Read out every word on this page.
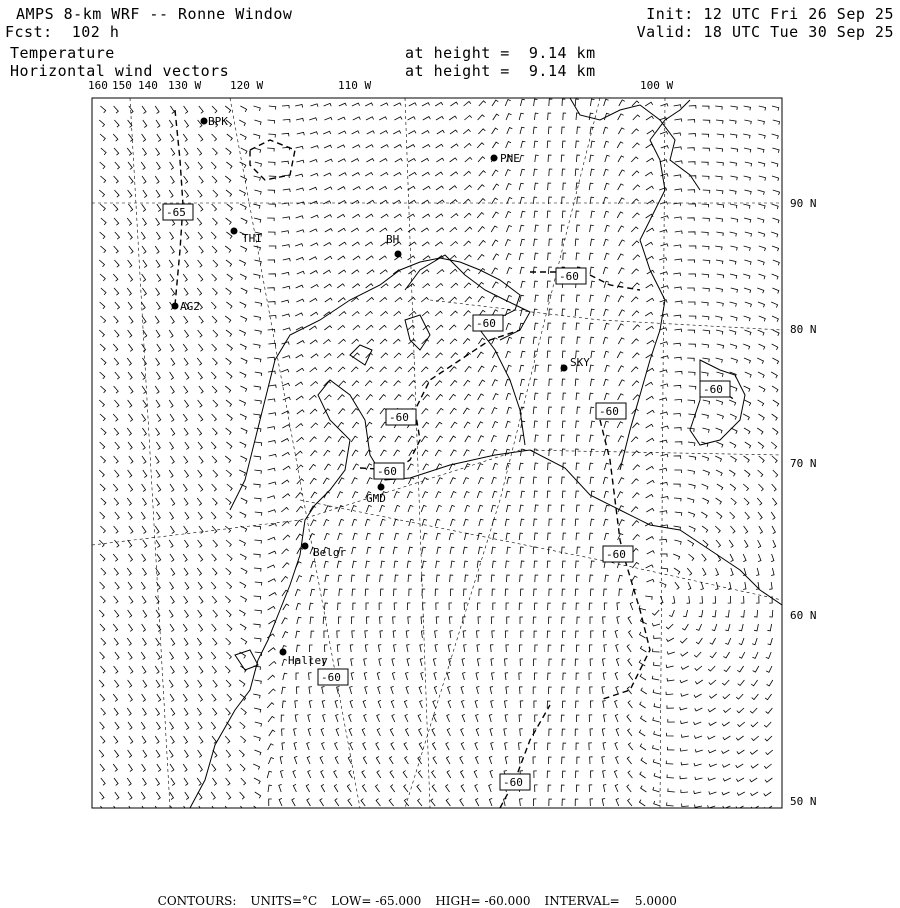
AMPS 8-km WRF -- Ronne Window
Fcst:  102 h
Temperature
Horizontal wind vectors
at height =  9.14 km
at height =  9.14 km
Init: 12 UTC Fri 26 Sep 25
Valid: 18 UTC Tue 30 Sep 25
BPK
PNE
THI	BH
AG2
SKY
GMD
Belgr
Halley
-65
-60
-60
-60
-60	-60
-60
-60
-60
-60
160 150 140 130 W	120 W	110 W	100 W
90 N
80 N
70 N
60 N
50 N

CONTOURS: UNITS=°C LOW= -65.000 HIGH= -60.000 INTERVAL=    5.0000
